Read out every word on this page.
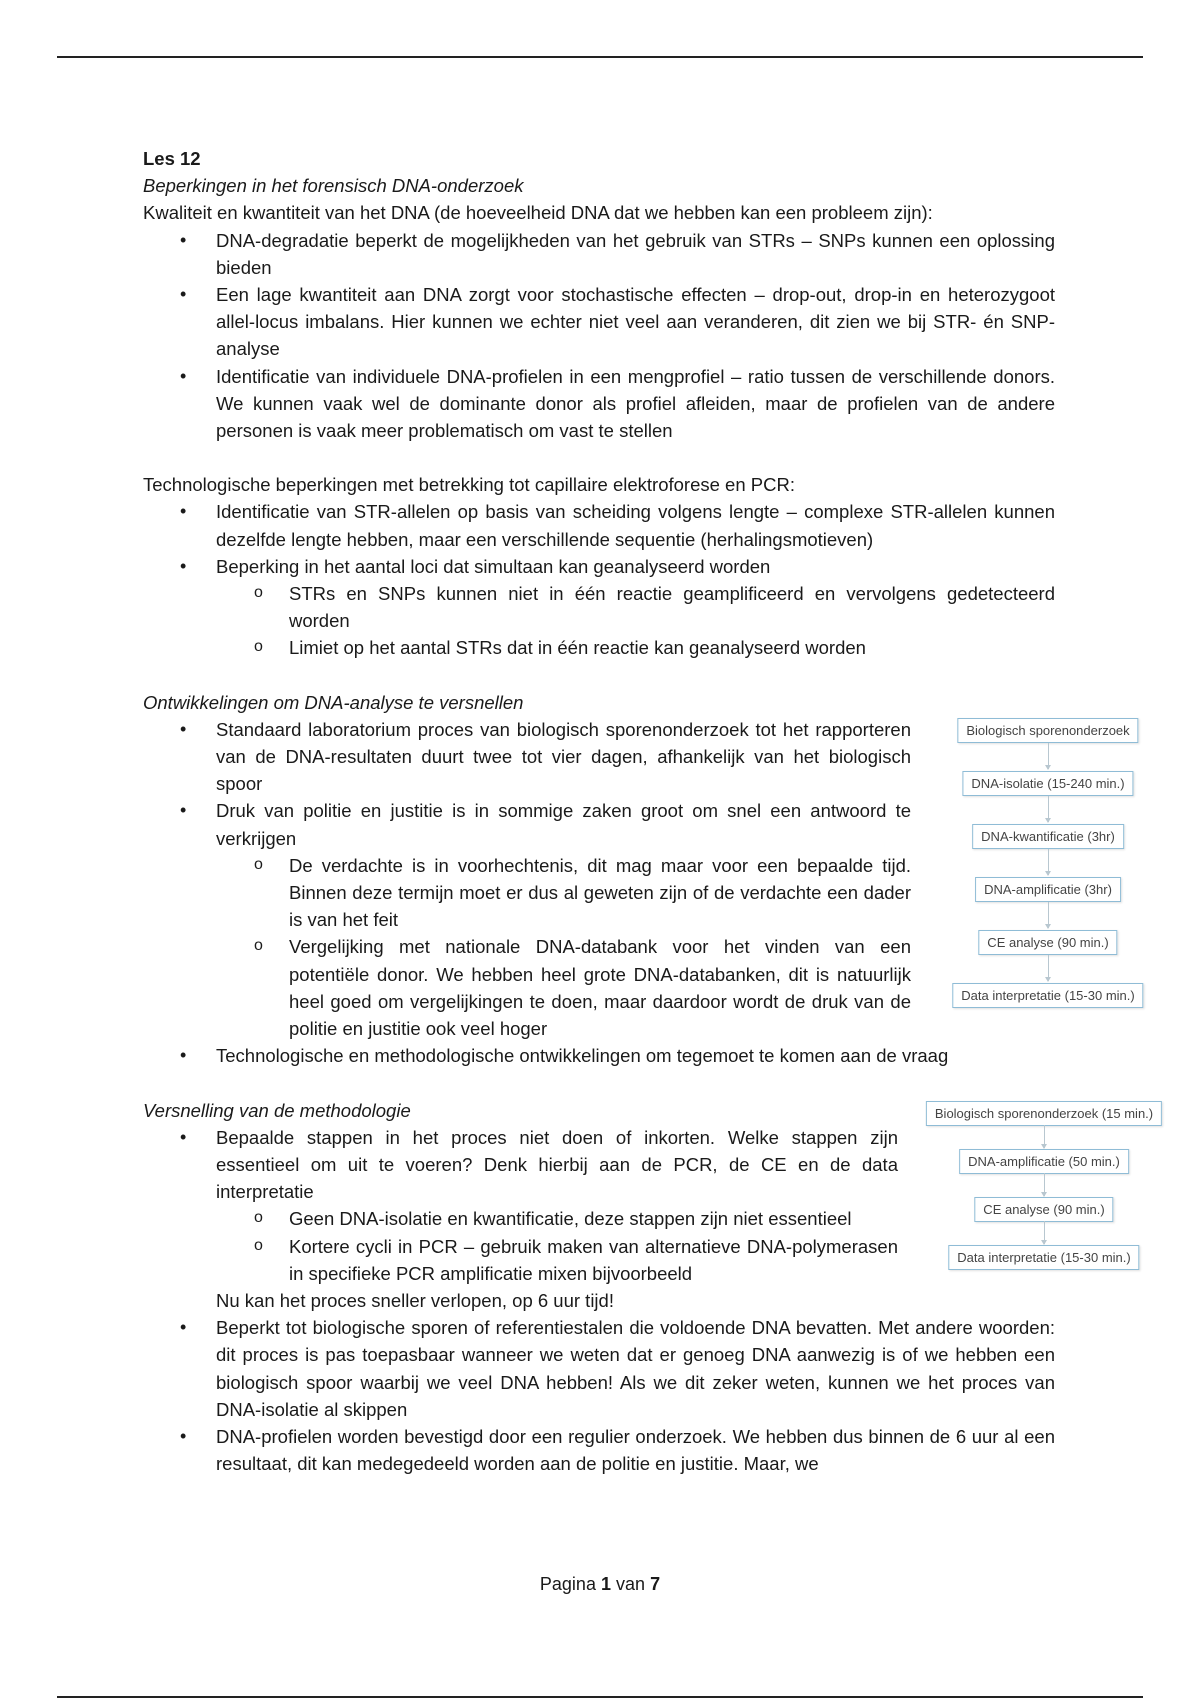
Les 12

Beperkingen in het forensisch DNA-onderzoek

Kwaliteit en kwantiteit van het DNA (de hoeveelheid DNA dat we hebben kan een probleem zijn):

• DNA-degradatie beperkt de mogelijkheden van het gebruik van STRs – SNPs kunnen een oplossing bieden
• Een lage kwantiteit aan DNA zorgt voor stochastische effecten – drop-out, drop-in en heterozygoot allel-locus imbalans. Hier kunnen we echter niet veel aan veranderen, dit zien we bij STR- én SNP-analyse
• Identificatie van individuele DNA-profielen in een mengprofiel – ratio tussen de verschillende donors. We kunnen vaak wel de dominante donor als profiel afleiden, maar de profielen van de andere personen is vaak meer problematisch om vast te stellen

Technologische beperkingen met betrekking tot capillaire elektroforese en PCR:

• Identificatie van STR-allelen op basis van scheiding volgens lengte – complexe STR-allelen kunnen dezelfde lengte hebben, maar een verschillende sequentie (herhalingsmotieven)
• Beperking in het aantal loci dat simultaan kan geanalyseerd worden
o STRs en SNPs kunnen niet in één reactie geamplificeerd en vervolgens gedetecteerd worden
o Limiet op het aantal STRs dat in één reactie kan geanalyseerd worden

Ontwikkelingen om DNA-analyse te versnellen

• Standaard laboratorium proces van biologisch sporenonderzoek tot het rapporteren van de DNA-resultaten duurt twee tot vier dagen, afhankelijk van het biologisch spoor
• Druk van politie en justitie is in sommige zaken groot om snel een antwoord te verkrijgen
o De verdachte is in voorhechtenis, dit mag maar voor een bepaalde tijd. Binnen deze termijn moet er dus al geweten zijn of de verdachte een dader is van het feit
o Vergelijking met nationale DNA-databank voor het vinden van een potentiële donor. We hebben heel grote DNA-databanken, dit is natuurlijk heel goed om vergelijkingen te doen, maar daardoor wordt de druk van de politie en justitie ook veel hoger
• Technologische en methodologische ontwikkelingen om tegemoet te komen aan de vraag
Biologisch sporenonderzoek
DNA-isolatie (15-240 min.)
DNA-kwantificatie (3hr)
DNA-amplificatie (3hr)
CE analyse (90 min.)
Data interpretatie (15-30 min.)

Versnelling van de methodologie

• Bepaalde stappen in het proces niet doen of inkorten. Welke stappen zijn essentieel om uit te voeren? Denk hierbij aan de PCR, de CE en de data interpretatie
o Geen DNA-isolatie en kwantificatie, deze stappen zijn niet essentieel
o Kortere cycli in PCR – gebruik maken van alternatieve DNA-polymerasen in specifieke PCR amplificatie mixen bijvoorbeeld

Nu kan het proces sneller verlopen, op 6 uur tijd!

• Beperkt tot biologische sporen of referentiestalen die voldoende DNA bevatten. Met andere woorden: dit proces is pas toepasbaar wanneer we weten dat er genoeg DNA aanwezig is of we hebben een biologisch spoor waarbij we veel DNA hebben! Als we dit zeker weten, kunnen we het proces van DNA-isolatie al skippen
• DNA-profielen worden bevestigd door een regulier onderzoek. We hebben dus binnen de 6 uur al een resultaat, dit kan medegedeeld worden aan de politie en justitie. Maar, we
Biologisch sporenonderzoek (15 min.)
DNA-amplificatie (50 min.)
CE analyse (90 min.)
Data interpretatie (15-30 min.)
Pagina 1 van 7
